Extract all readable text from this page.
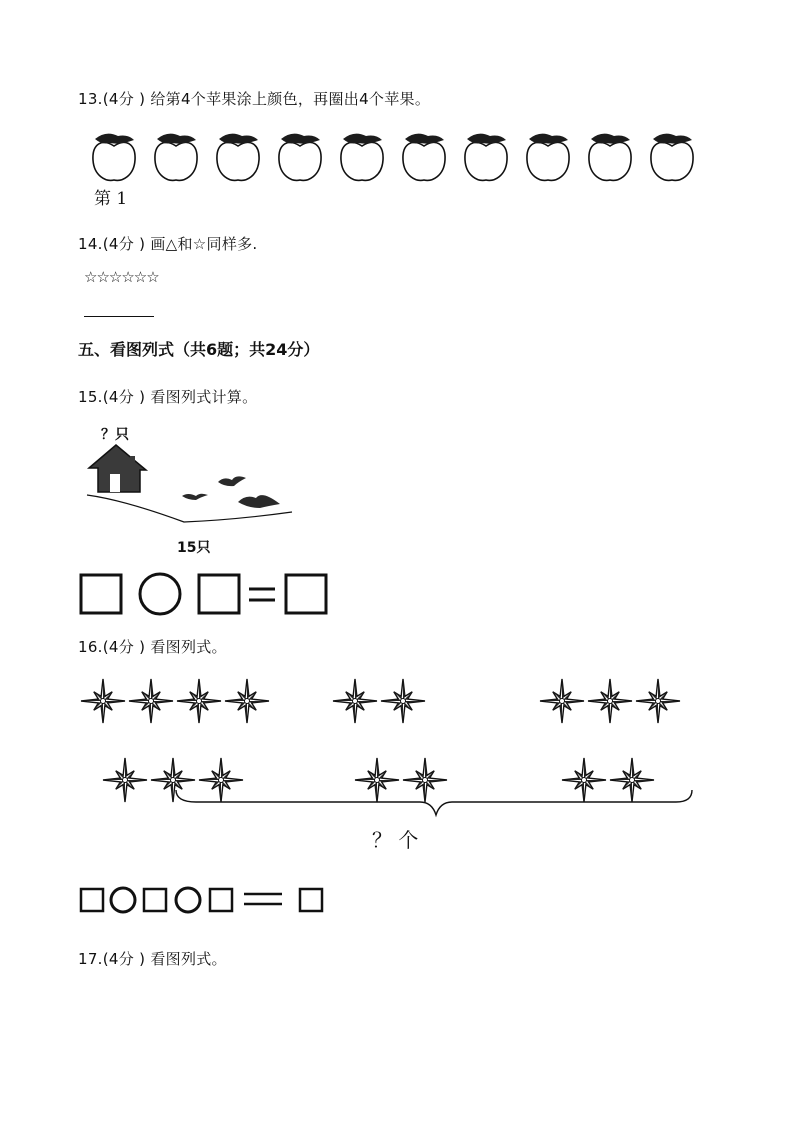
13.(4分 ) 给第4个苹果涂上颜色，再圈出4个苹果。
第 1
14.(4分 ) 画△和☆同样多.
☆☆☆☆☆☆
五、看图列式（共6题；共24分）
15.(4分 ) 看图列式计算。
？只
15只
16.(4分 ) 看图列式。
？ 个
17.(4分 ) 看图列式。
